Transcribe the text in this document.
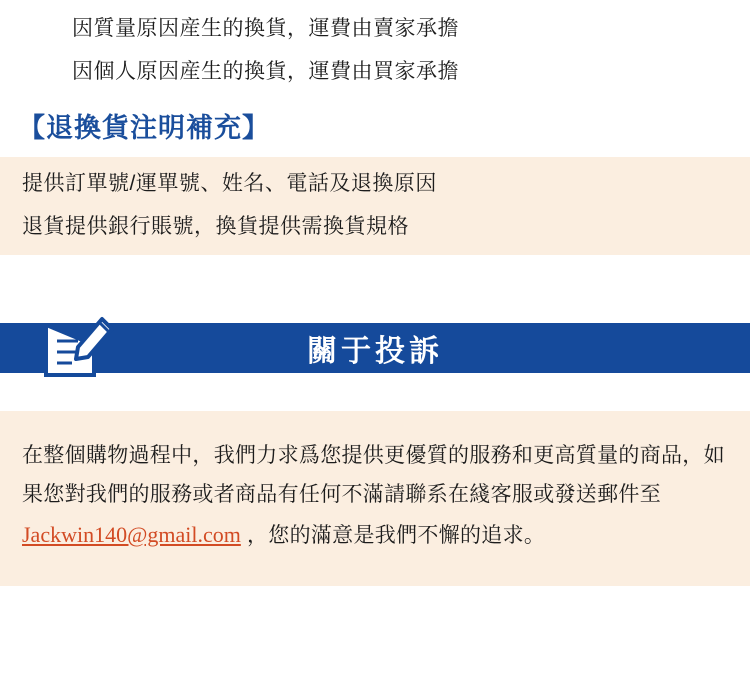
因質量原因産生的換貨，運費由賣家承擔
因個人原因産生的換貨，運費由買家承擔
【退換貨注明補充】
提供訂單號/運單號、姓名、電話及退換原因
退貨提供銀行賬號，換貨提供需換貨規格
關于投訴
在整個購物過程中，我們力求爲您提供更優質的服務和更高質量的商品，如果您對我們的服務或者商品有任何不滿請聯系在綫客服或發送郵件至 Jackwin140@gmail.com ，您的滿意是我們不懈的追求。
